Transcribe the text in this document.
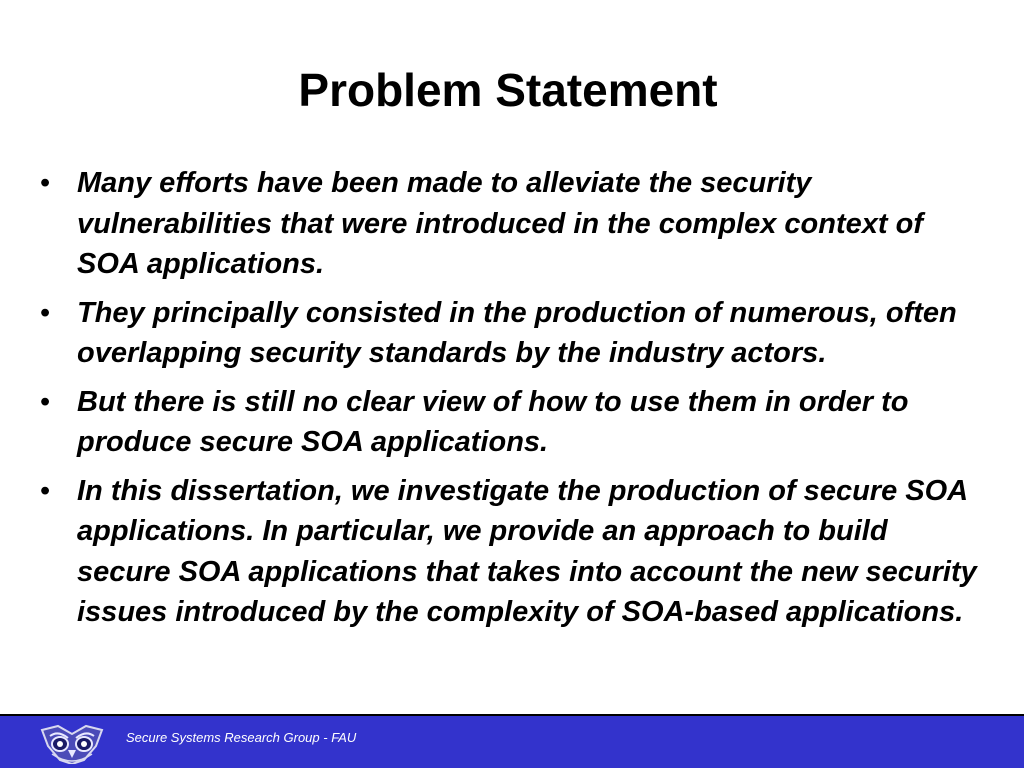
Problem Statement
• Many efforts have been made to alleviate the security vulnerabilities that were introduced in the complex context of SOA applications.
• They principally consisted in the production of numerous, often overlapping security standards by the industry actors.
• But there is still no clear view of how to use them in order to produce secure SOA applications.
• In this dissertation, we investigate the production of secure SOA applications. In particular, we provide an approach to build secure SOA applications that takes into account the new security issues introduced by the complexity of SOA-based applications.
Secure Systems Research Group - FAU
